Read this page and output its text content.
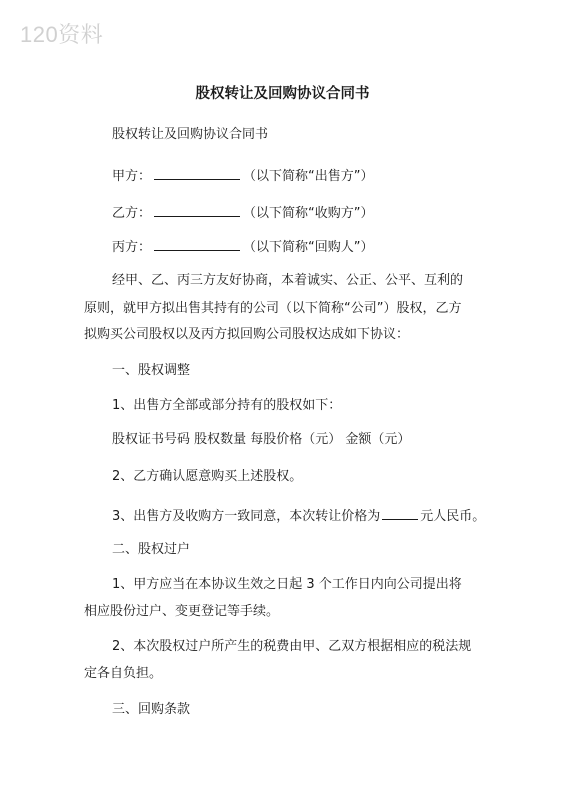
120资料
股权转让及回购协议合同书
股权转让及回购协议合同书
甲方：	（以下简称“出售方”）
乙方：	（以下简称“收购方”）
丙方：	（以下简称“回购人”）
经甲、乙、丙三方友好协商，本着诚实、公正、公平、互利的
原则，就甲方拟出售其持有的公司（以下简称“公司”）股权，乙方
拟购买公司股权以及丙方拟回购公司股权达成如下协议：
一、股权调整
1、出售方全部或部分持有的股权如下：
股权证书号码 股权数量 每股价格（元） 金额（元）
2、乙方确认愿意购买上述股权。
3、出售方及收购方一致同意，本次转让价格为	元人民币。
二、股权过户
1、甲方应当在本协议生效之日起 3 个工作日内向公司提出将
相应股份过户、变更登记等手续。
2、本次股权过户所产生的税费由甲、乙双方根据相应的税法规
定各自负担。
三、回购条款
